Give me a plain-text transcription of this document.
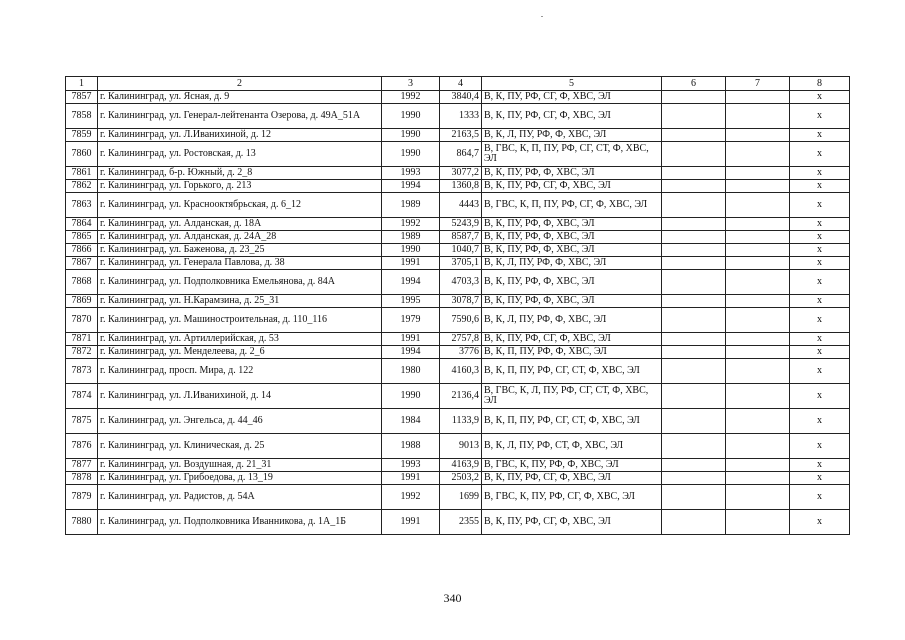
1	2	3	4	5	6	7	8
7857	г. Калининград, ул. Ясная, д. 9	1992	3840,4	В, К, ПУ, РФ, СГ, Ф, ХВС, ЭЛ			x
7858	г. Калининград, ул. Генерал-лейтенанта Озерова, д. 49А_51А	1990	1333	В, К, ПУ, РФ, СГ, Ф, ХВС, ЭЛ			x
7859	г. Калининград, ул. Л.Иванихиной, д. 12	1990	2163,5	В, К, Л, ПУ, РФ, Ф, ХВС, ЭЛ			x
7860	г. Калининград, ул. Ростовская, д. 13	1990	864,7	В, ГВС, К, П, ПУ, РФ, СГ, СТ, Ф, ХВС, ЭЛ			x
7861	г. Калининград, б-р. Южный, д. 2_8	1993	3077,2	В, К, ПУ, РФ, Ф, ХВС, ЭЛ			x
7862	г. Калининград, ул. Горького, д. 213	1994	1360,8	В, К, ПУ, РФ, СГ, Ф, ХВС, ЭЛ			x
7863	г. Калининград, ул. Краснооктябрьская, д. 6_12	1989	4443	В, ГВС, К, П, ПУ, РФ, СГ, Ф, ХВС, ЭЛ			x
7864	г. Калининград, ул. Алданская, д. 18А	1992	5243,9	В, К, ПУ, РФ, Ф, ХВС, ЭЛ			x
7865	г. Калининград, ул. Алданская, д. 24А_28	1989	8587,7	В, К, ПУ, РФ, Ф, ХВС, ЭЛ			x
7866	г. Калининград, ул. Баженова, д. 23_25	1990	1040,7	В, К, ПУ, РФ, Ф, ХВС, ЭЛ			x
7867	г. Калининград, ул. Генерала Павлова, д. 38	1991	3705,1	В, К, Л, ПУ, РФ, Ф, ХВС, ЭЛ			x
7868	г. Калининград, ул. Подполковника Емельянова, д. 84А	1994	4703,3	В, К, ПУ, РФ, Ф, ХВС, ЭЛ			x
7869	г. Калининград, ул. Н.Карамзина, д. 25_31	1995	3078,7	В, К, ПУ, РФ, Ф, ХВС, ЭЛ			x
7870	г. Калининград, ул. Машиностроительная, д. 110_116	1979	7590,6	В, К, Л, ПУ, РФ, Ф, ХВС, ЭЛ			x
7871	г. Калининград, ул. Артиллерийская, д. 53	1991	2757,8	В, К, ПУ, РФ, СГ, Ф, ХВС, ЭЛ			x
7872	г. Калининград, ул. Менделеева, д. 2_6	1994	3776	В, К, П, ПУ, РФ, Ф, ХВС, ЭЛ			x
7873	г. Калининград, просп. Мира, д. 122	1980	4160,3	В, К, П, ПУ, РФ, СГ, СТ, Ф, ХВС, ЭЛ			x
7874	г. Калининград, ул. Л.Иванихиной, д. 14	1990	2136,4	В, ГВС, К, Л, ПУ, РФ, СГ, СТ, Ф, ХВС, ЭЛ			x
7875	г. Калининград, ул. Энгельса, д. 44_46	1984	1133,9	В, К, П, ПУ, РФ, СГ, СТ, Ф, ХВС, ЭЛ			x
7876	г. Калининград, ул. Клиническая, д. 25	1988	9013	В, К, Л, ПУ, РФ, СТ, Ф, ХВС, ЭЛ			x
7877	г. Калининград, ул. Воздушная, д. 21_31	1993	4163,9	В, ГВС, К, ПУ, РФ, Ф, ХВС, ЭЛ			x
7878	г. Калининград, ул. Грибоедова, д. 13_19	1991	2503,2	В, К, ПУ, РФ, СГ, Ф, ХВС, ЭЛ			x
7879	г. Калининград, ул. Радистов, д. 54А	1992	1699	В, ГВС, К, ПУ, РФ, СГ, Ф, ХВС, ЭЛ			x
7880	г. Калининград, ул. Подполковника Иванникова, д. 1А_1Б	1991	2355	В, К, ПУ, РФ, СГ, Ф, ХВС, ЭЛ			x
340
